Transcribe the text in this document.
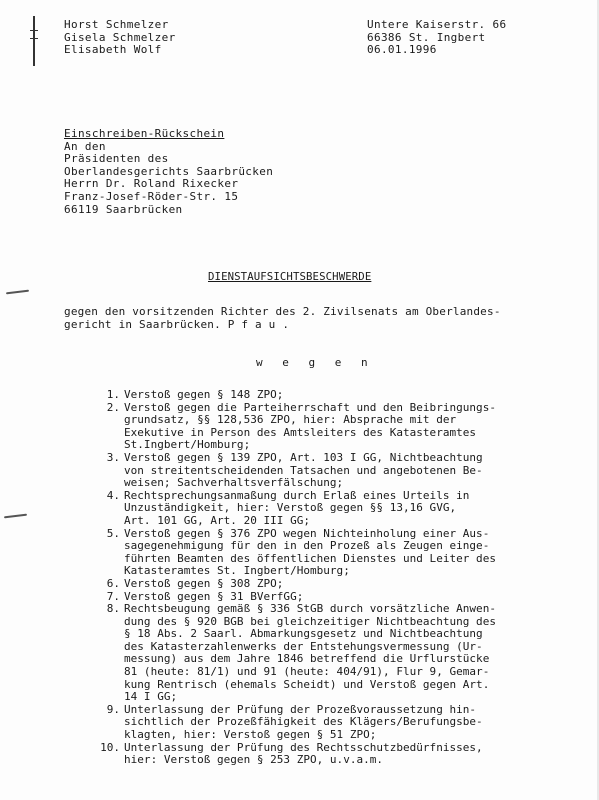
Horst Schmelzer
Gisela Schmelzer
Elisabeth Wolf
Untere Kaiserstr. 66
66386 St. Ingbert
06.01.1996
Einschreiben-Rückschein
An den
Präsidenten des
Oberlandesgerichts Saarbrücken
Herrn Dr. Roland Rixecker
Franz-Josef-Röder-Str. 15
66119 Saarbrücken
DIENSTAUFSICHTSBESCHWERDE
gegen den vorsitzenden Richter des 2. Zivilsenats am Oberlandes-
gericht in Saarbrücken. P f a u .
w e g e n
1. Verstoß gegen § 148 ZPO;
2. Verstoß gegen die Parteiherrschaft und den Beibringungs-
grundsatz, §§ 128,536 ZPO, hier: Absprache mit der
Exekutive in Person des Amtsleiters des Katasteramtes
St.Ingbert/Homburg;
3. Verstoß gegen § 139 ZPO, Art. 103 I GG, Nichtbeachtung
von streitentscheidenden Tatsachen und angebotenen Be-
weisen; Sachverhaltsverfälschung;
4. Rechtsprechungsanmaßung durch Erlaß eines Urteils in
Unzuständigkeit, hier: Verstoß gegen §§ 13,16 GVG,
Art. 101 GG, Art. 20 III GG;
5. Verstoß gegen § 376 ZPO wegen Nichteinholung einer Aus-
sagegenehmigung für den in den Prozeß als Zeugen einge-
führten Beamten des öffentlichen Dienstes und Leiter des
Katasteramtes St. Ingbert/Homburg;
6. Verstoß gegen § 308 ZPO;
7. Verstoß gegen § 31 BVerfGG;
8. Rechtsbeugung gemäß § 336 StGB durch vorsätzliche Anwen-
dung des § 920 BGB bei gleichzeitiger Nichtbeachtung des
§ 18 Abs. 2 Saarl. Abmarkungsgesetz und Nichtbeachtung
des Katasterzahlenwerks der Entstehungsvermessung (Ur-
messung) aus dem Jahre 1846 betreffend die Urflurstücke
81 (heute: 81/1) und 91 (heute: 404/91), Flur 9, Gemar-
kung Rentrisch (ehemals Scheidt) und Verstoß gegen Art.
14 I GG;
9. Unterlassung der Prüfung der Prozeßvoraussetzung hin-
sichtlich der Prozeßfähigkeit des Klägers/Berufungsbe-
klagten, hier: Verstoß gegen § 51 ZPO;
10. Unterlassung der Prüfung des Rechtsschutzbedürfnisses,
hier: Verstoß gegen § 253 ZPO, u.v.a.m.
